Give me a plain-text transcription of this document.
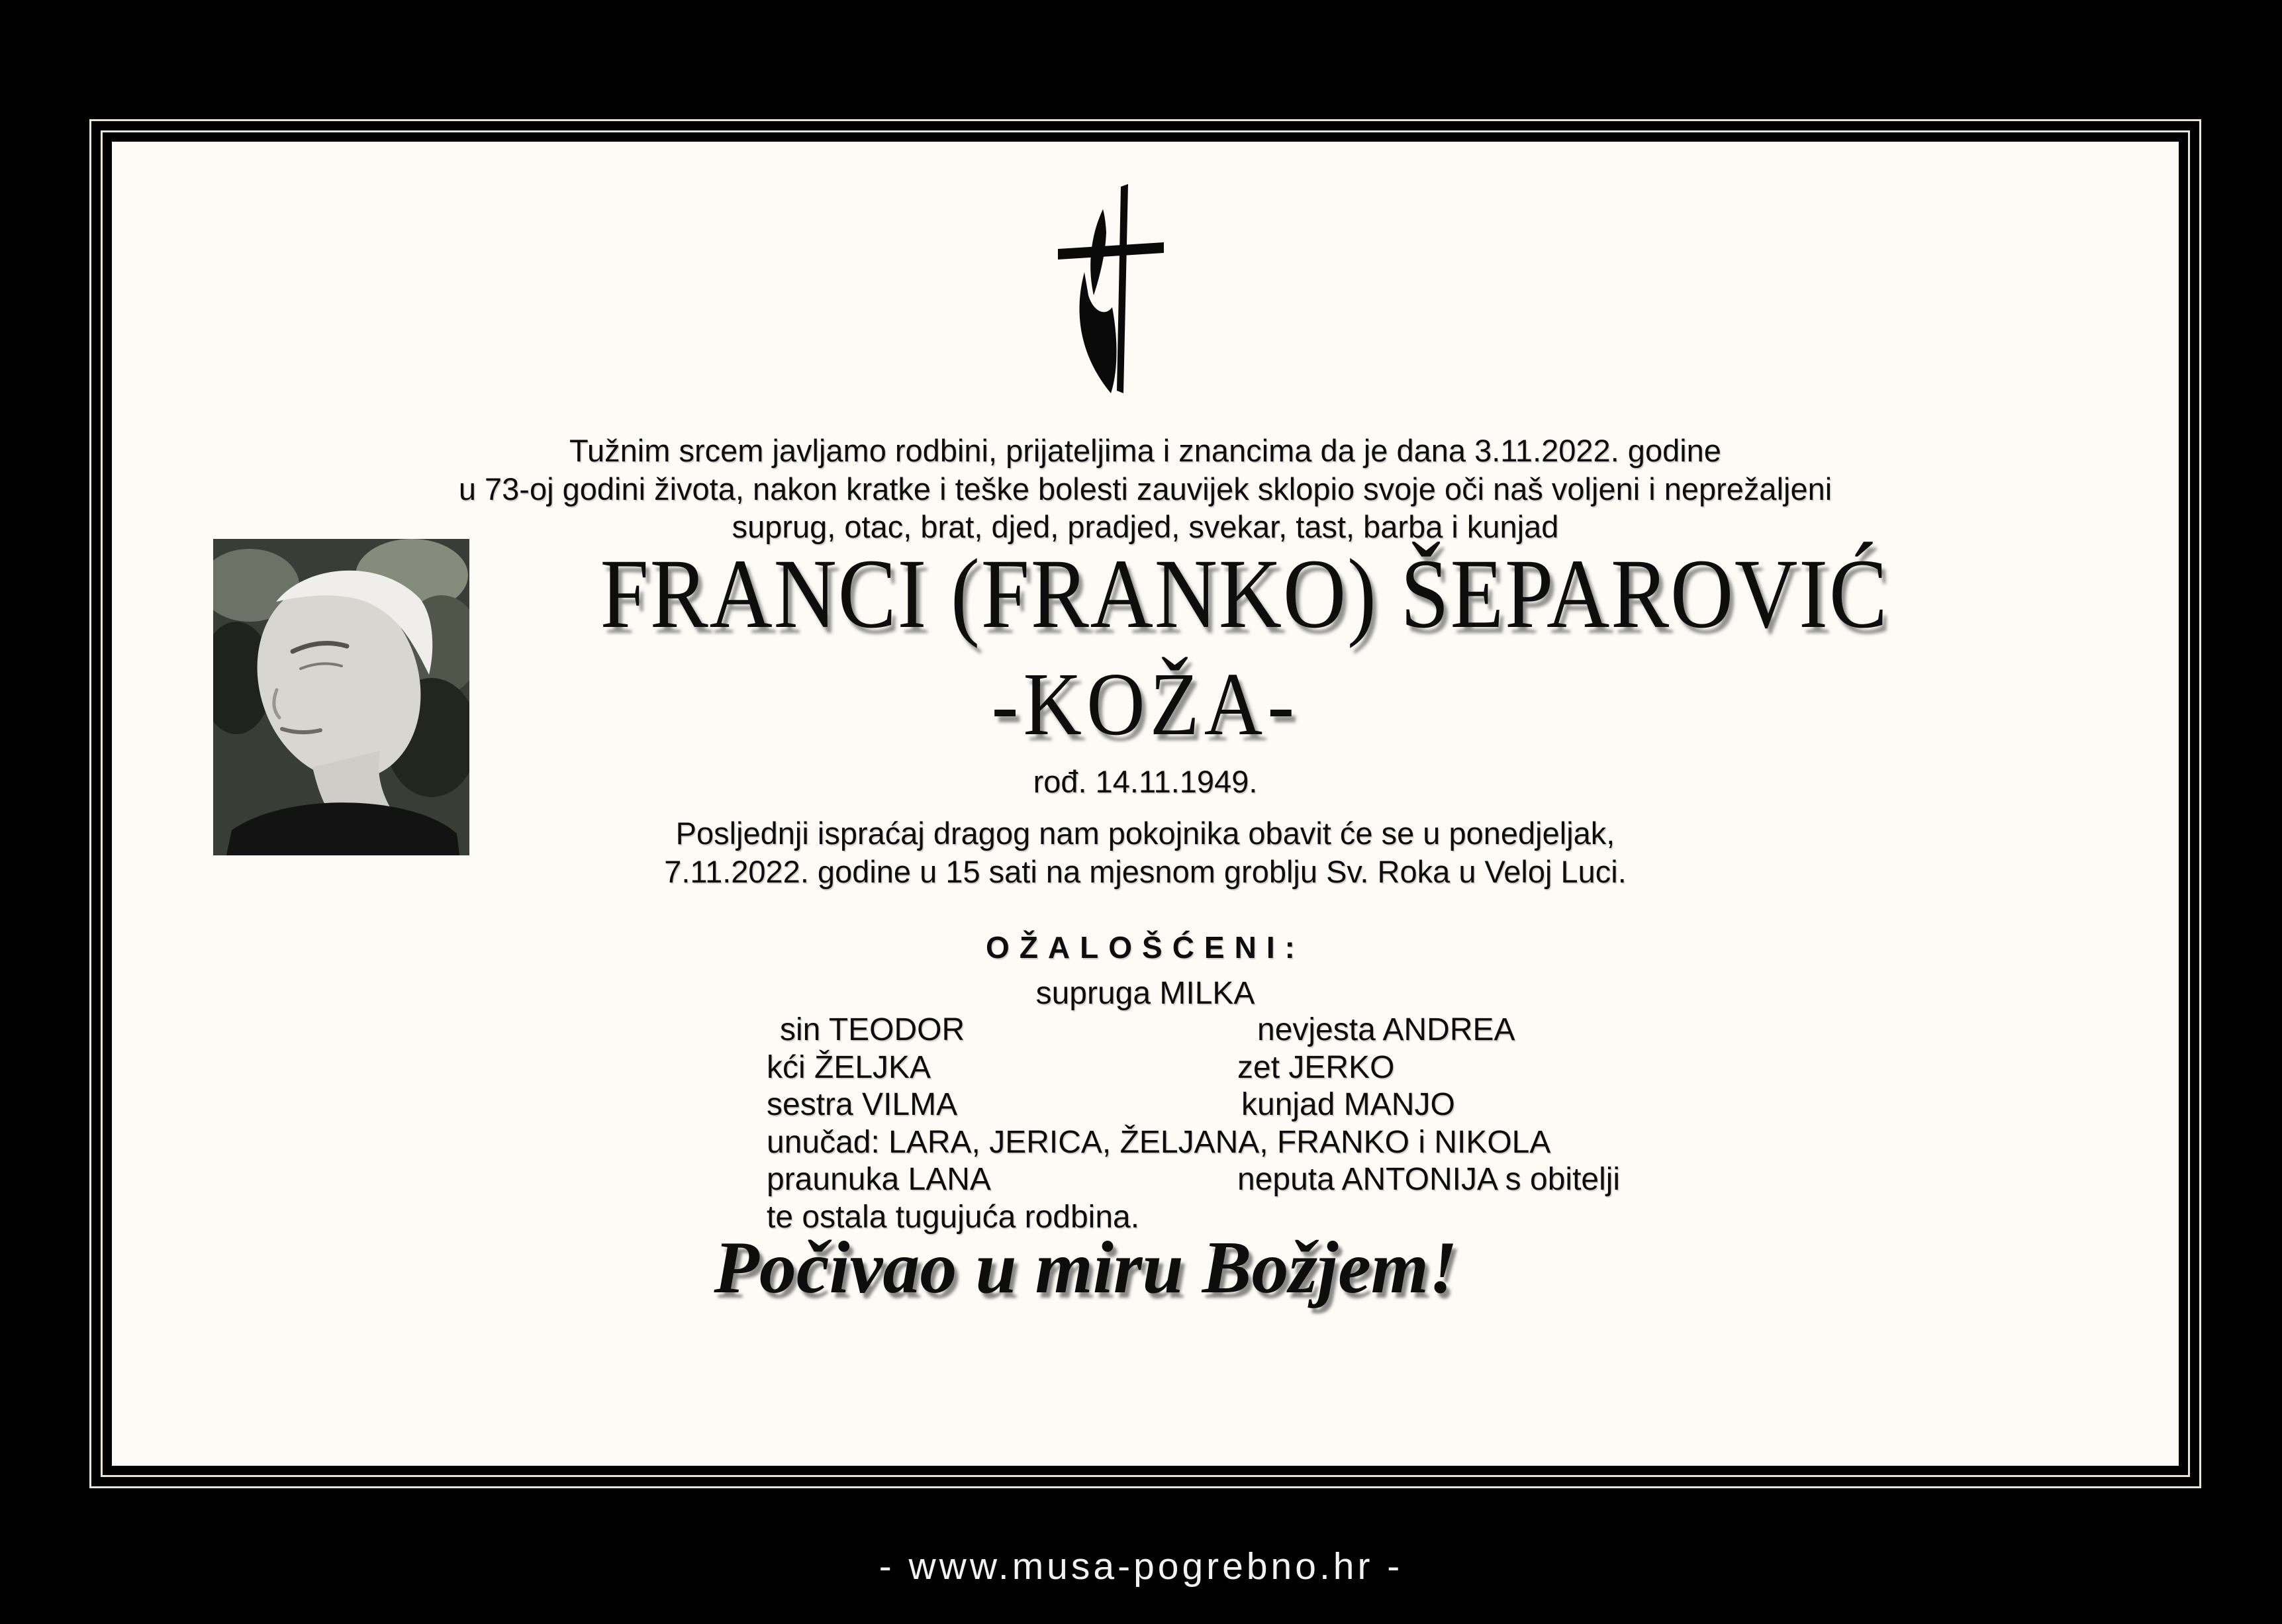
Tužnim srcem javljamo rodbini, prijateljima i znancima da je dana 3.11.2022. godine
u 73-oj godini života, nakon kratke i teške bolesti zauvijek sklopio svoje oči naš voljeni i neprežaljeni
suprug, otac, brat, djed, pradjed, svekar, tast, barba i kunjad
FRANCI (FRANKO) ŠEPAROVIĆ
-KOŽA-
rođ. 14.11.1949.
Posljednji ispraćaj dragog nam pokojnika obavit će se u ponedjeljak,
7.11.2022. godine u 15 sati na mjesnom groblju Sv. Roka u Veloj Luci.
OŽALOŠĆENI:
supruga MILKA
sin TEODOR	nevjesta ANDREA
kći ŽELJKA	zet JERKO
sestra VILMA	kunjad MANJO
unučad: LARA, JERICA, ŽELJANA, FRANKO i NIKOLA
praunuka LANA	neputa ANTONIJA s obitelji
te ostala tugujuća rodbina.
Počivao u miru Božjem!
- www.musa-pogrebno.hr -
